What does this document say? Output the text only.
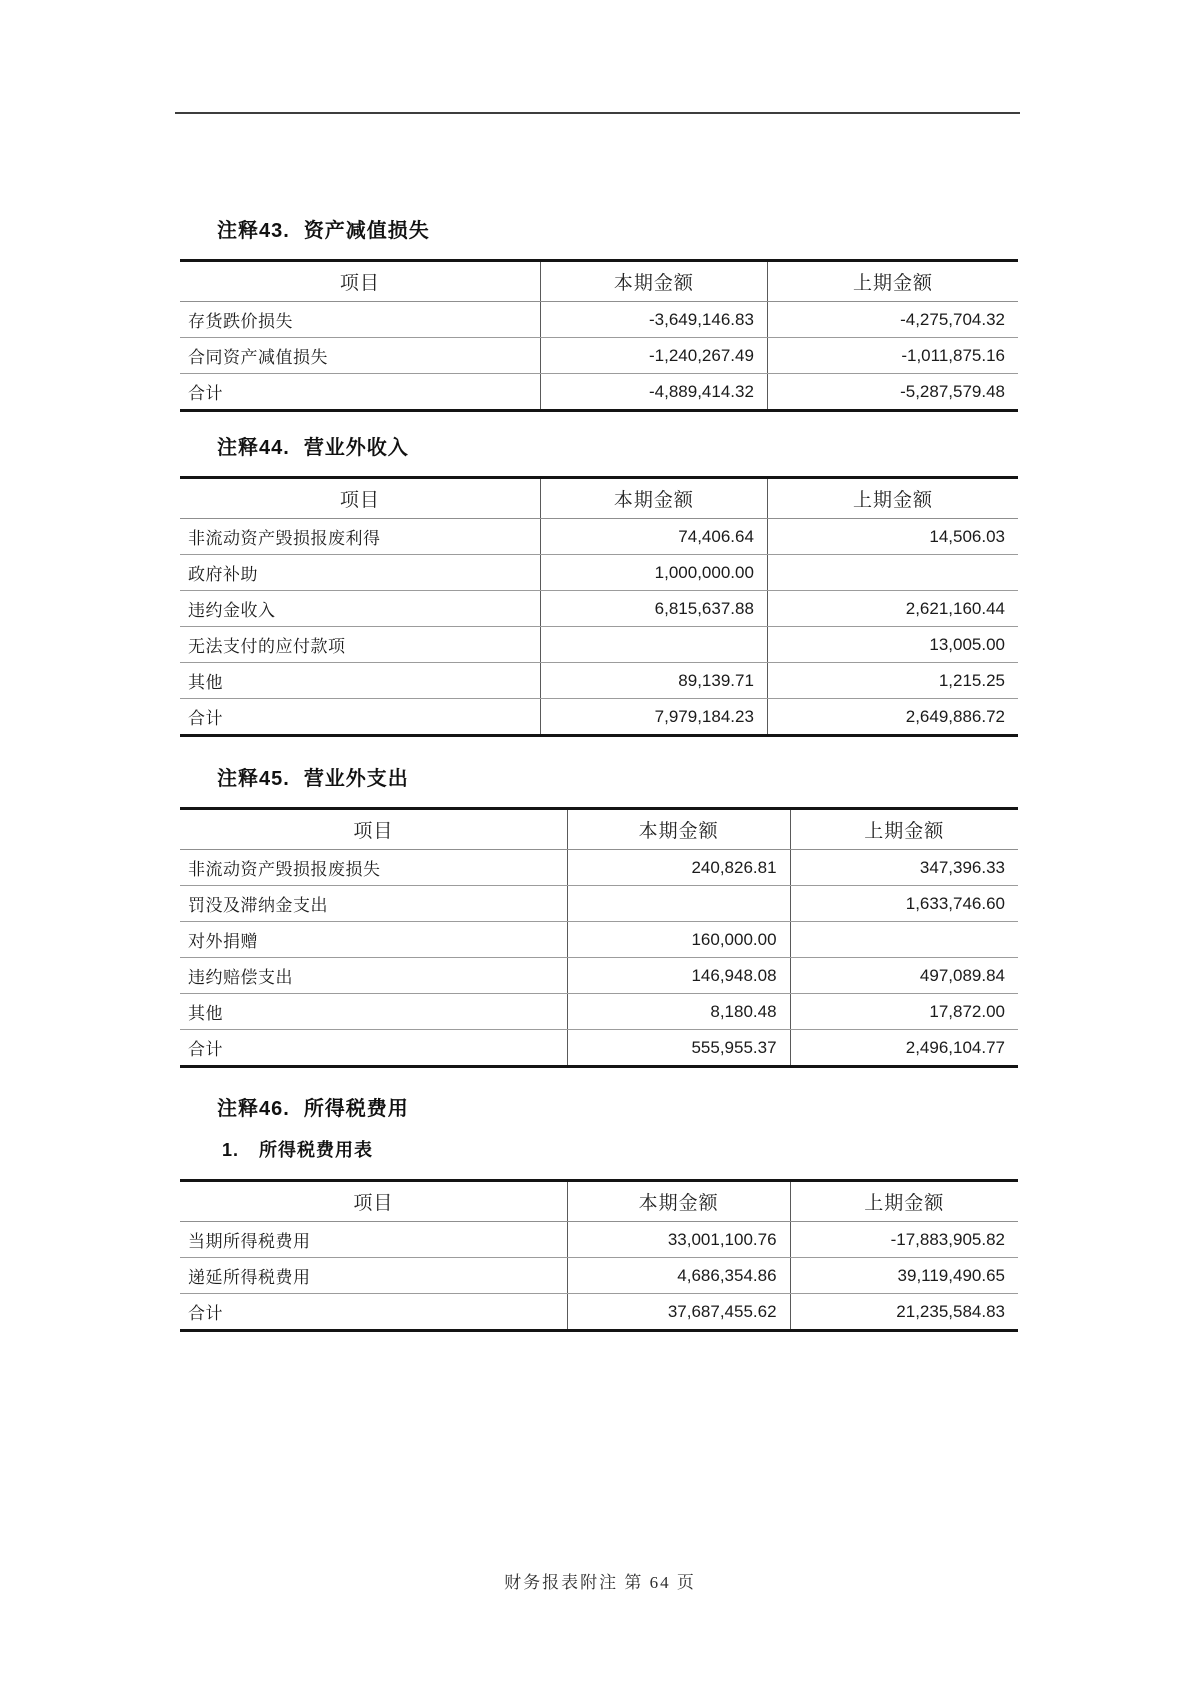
注释43. 资产减值损失
项目	本期金额	上期金额
存货跌价损失	-3,649,146.83	-4,275,704.32
合同资产减值损失	-1,240,267.49	-1,011,875.16
合计	-4,889,414.32	-5,287,579.48
注释44. 营业外收入
项目	本期金额	上期金额
非流动资产毁损报废利得	74,406.64	14,506.03
政府补助	1,000,000.00	
违约金收入	6,815,637.88	2,621,160.44
无法支付的应付款项		13,005.00
其他	89,139.71	1,215.25
合计	7,979,184.23	2,649,886.72
注释45. 营业外支出
项目	本期金额	上期金额
非流动资产毁损报废损失	240,826.81	347,396.33
罚没及滞纳金支出		1,633,746.60
对外捐赠	160,000.00	
违约赔偿支出	146,948.08	497,089.84
其他	8,180.48	17,872.00
合计	555,955.37	2,496,104.77
注释46. 所得税费用
1. 所得税费用表
项目	本期金额	上期金额
当期所得税费用	33,001,100.76	-17,883,905.82
递延所得税费用	4,686,354.86	39,119,490.65
合计	37,687,455.62	21,235,584.83
财务报表附注 第 64 页
